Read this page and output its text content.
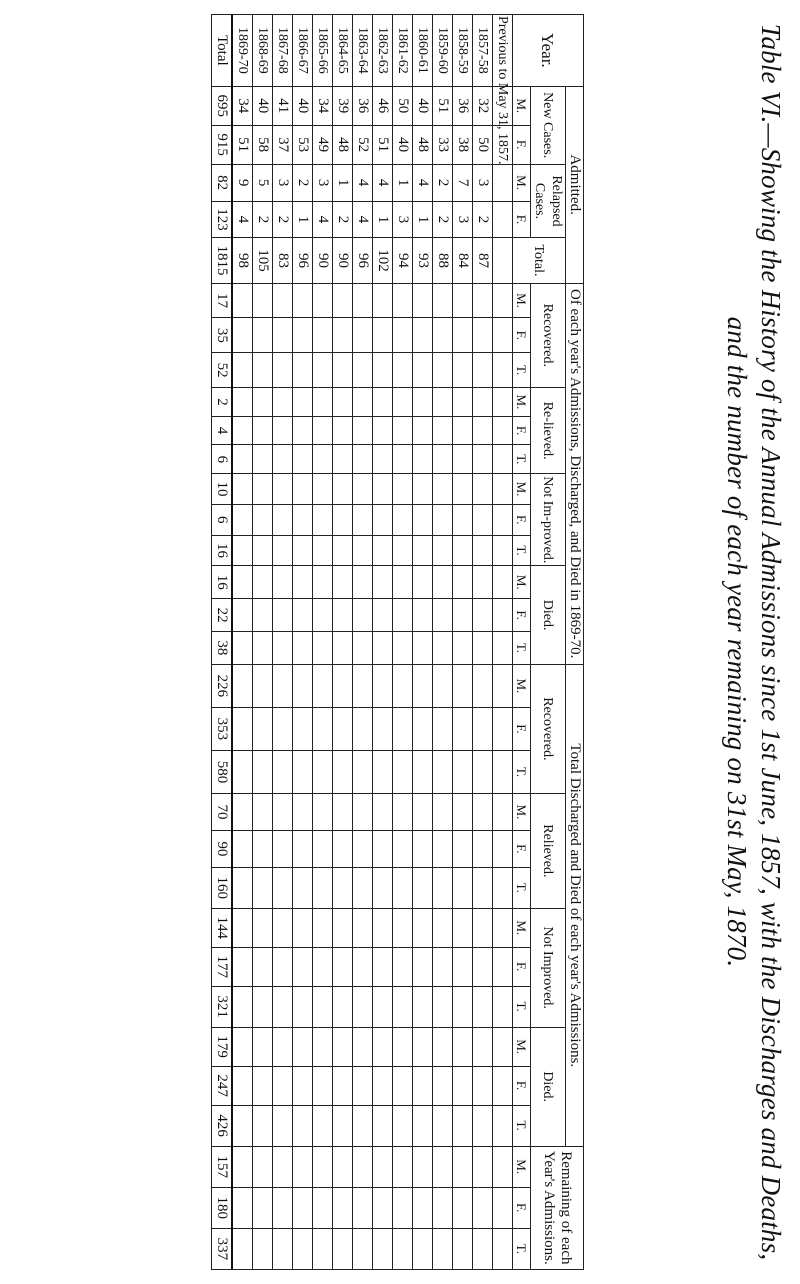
Table VI.—Showing the History of the Annual Admissions since 1st June, 1857, with the Discharges and Deaths,
and the number of each year remaining on 31st May, 1870.
Year.	Admitted.					Of each year's Admissions, Discharged, and Died in 1869-70.												Total Discharged and Died of each year's Admissions.												Remaining of each Year's Admissions.		
	New Cases.		Relapsed Cases.		Total.	Recovered.			Re-lieved.			Not Im-proved.			Died.			Recovered.			Relieved.			Not Improved.			Died.					
	M.	F.	M.	F.		M.	F.	T.	M.	F.	T.	M.	F.	T.	M.	F.	T.	M.	F.	T.	M.	F.	T.	M.	F.	T.	M.	F.	T.	M.	F.	T.
Previous to May 31, 1857.																																
1857-58	32	50	3	2	87																											
1858-59	36	38	7	3	84																											
1859-60	51	33	2	2	88																											
1860-61	40	48	4	1	93																											
1861-62	50	40	1	3	94																											
1862-63	46	51	4	1	102																											
1863-64	36	52	4	4	96																											
1864-65	39	48	1	2	90																											
1865-66	34	49	3	4	90																											
1866-67	40	53	2	1	96																											
1867-68	41	37	3	2	83																											
1868-69	40	58	5	2	105																											
1869-70	34	51	9	4	98																											
Total	695	915	82	123	1815	17	35	52	2	4	6	10	6	16	16	22	38	226	353	580	70	90	160	144	177	321	179	247	426	157	180	337
